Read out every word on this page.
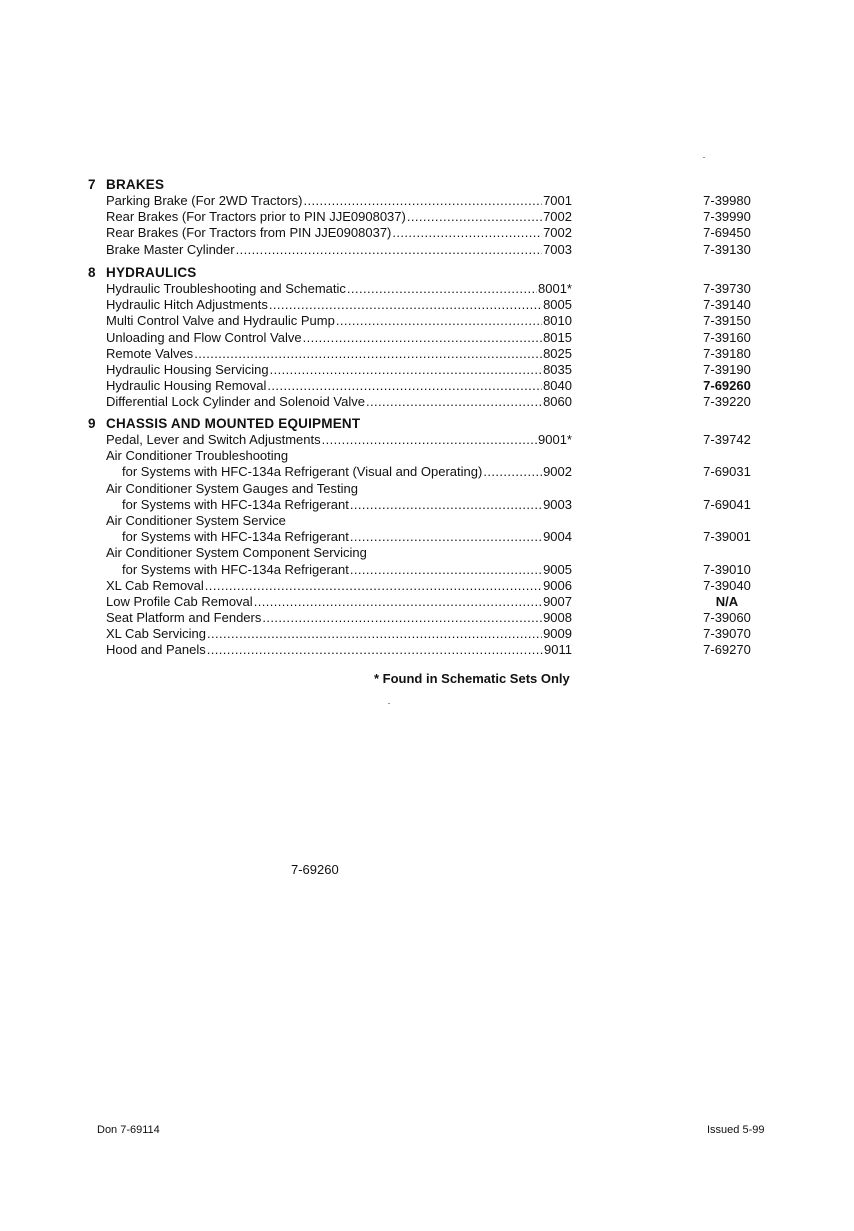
7 BRAKES
Parking Brake (For 2WD Tractors) .....	7001	7-39980
Rear Brakes (For Tractors prior to PIN JJE0908037) .....	7002	7-39990
Rear Brakes (For Tractors from PIN JJE0908037) .....	7002	7-69450
Brake Master Cylinder .....	7003	7-39130
8 HYDRAULICS
Hydraulic Troubleshooting and Schematic .....	8001*	7-39730
Hydraulic Hitch Adjustments .....	8005	7-39140
Multi Control Valve and Hydraulic Pump .....	8010	7-39150
Unloading and Flow Control Valve .....	8015	7-39160
Remote Valves .....	8025	7-39180
Hydraulic Housing Servicing .....	8035	7-39190
Hydraulic Housing Removal .....	8040	7-69260
Differential Lock Cylinder and Solenoid Valve .....	8060	7-39220
9 CHASSIS AND MOUNTED EQUIPMENT
Pedal, Lever and Switch Adjustments .....	9001*	7-39742
Air Conditioner Troubleshooting
for Systems with HFC-134a Refrigerant (Visual and Operating) .....	9002	7-69031
Air Conditioner System Gauges and Testing
for Systems with HFC-134a Refrigerant .....	9003	7-69041
Air Conditioner System Service
for Systems with HFC-134a Refrigerant .....	9004	7-39001
Air Conditioner System Component Servicing
for Systems with HFC-134a Refrigerant .....	9005	7-39010
XL Cab Removal .....	9006	7-39040
Low Profile Cab Removal .....	9007	N/A
Seat Platform and Fenders .....	9008	7-39060
XL Cab Servicing .....	9009	7-39070
Hood and Panels .....	9011	7-69270
* Found in Schematic Sets Only
7-69260
Don 7-69114	Issued 5-99
